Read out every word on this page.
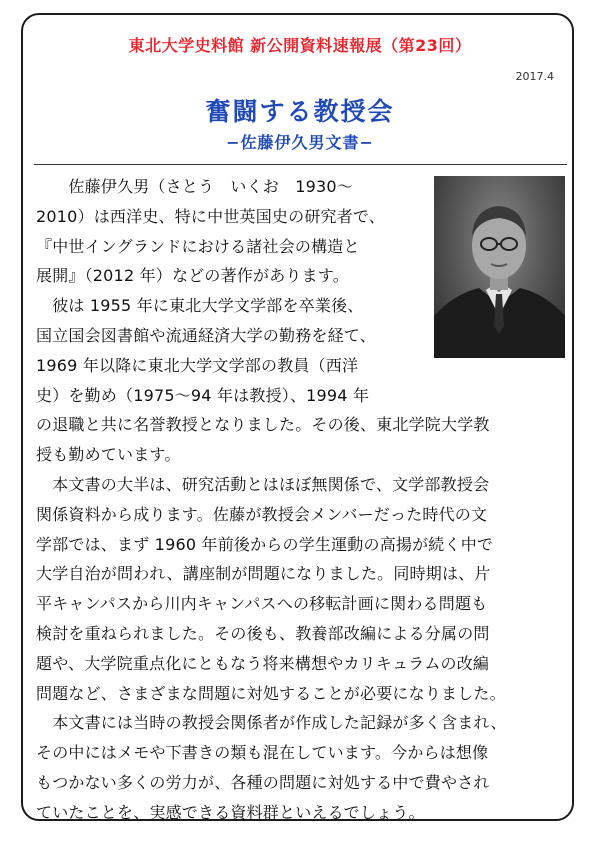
東北大学史料館 新公開資料速報展（第23回）
2017.4
奮闘する教授会
−佐藤伊久男文書−
　　佐藤伊久男（さとう　いくお　1930〜
2010）は西洋史、特に中世英国史の研究者で、
『中世イングランドにおける諸社会の構造と
展開』（2012 年）などの著作があります。
　彼は 1955 年に東北大学文学部を卒業後、
国立国会図書館や流通経済大学の勤務を経て、
1969 年以降に東北大学文学部の教員（西洋
史）を勤め（1975〜94 年は教授）、1994 年
の退職と共に名誉教授となりました。その後、東北学院大学教
授も勤めています。
　本文書の大半は、研究活動とはほぼ無関係で、文学部教授会
関係資料から成ります。佐藤が教授会メンバーだった時代の文
学部では、まず 1960 年前後からの学生運動の高揚が続く中で
大学自治が問われ、講座制が問題になりました。同時期は、片
平キャンパスから川内キャンパスへの移転計画に関わる問題も
検討を重ねられました。その後も、教養部改編による分属の問
題や、大学院重点化にともなう将来構想やカリキュラムの改編
問題など、さまざまな問題に対処することが必要になりました。
　本文書には当時の教授会関係者が作成した記録が多く含まれ、
その中にはメモや下書きの類も混在しています。今からは想像
もつかない多くの労力が、各種の問題に対処する中で費やされ
ていたことを、実感できる資料群といえるでしょう。
